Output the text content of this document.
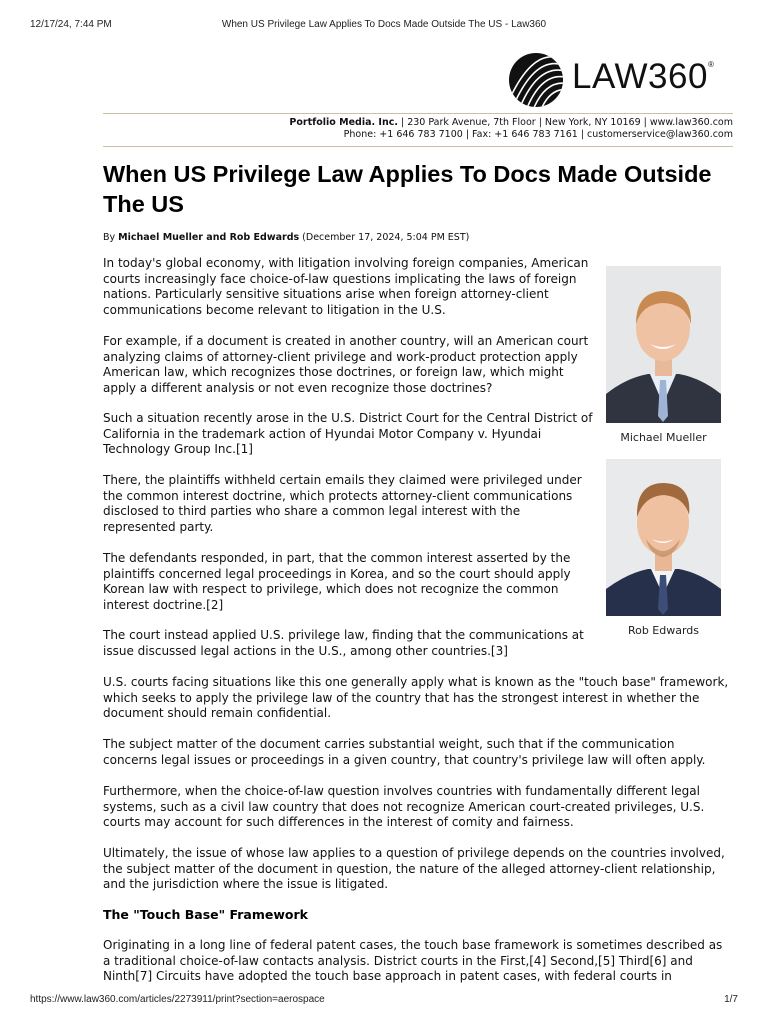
12/17/24, 7:44 PM	When US Privilege Law Applies To Docs Made Outside The US - Law360
LAW360®
Portfolio Media. Inc. | 230 Park Avenue, 7th Floor | New York, NY 10169 | www.law360.com
Phone: +1 646 783 7100 | Fax: +1 646 783 7161 | customerservice@law360.com
When US Privilege Law Applies To Docs Made Outside The US
By Michael Mueller and Rob Edwards (December 17, 2024, 5:04 PM EST)

In today's global economy, with litigation involving foreign companies, American courts increasingly face choice-of-law questions implicating the laws of foreign nations. Particularly sensitive situations arise when foreign attorney-client communications become relevant to litigation in the U.S.

For example, if a document is created in another country, will an American court analyzing claims of attorney-client privilege and work-product protection apply American law, which recognizes those doctrines, or foreign law, which might apply a different analysis or not even recognize those doctrines?

Such a situation recently arose in the U.S. District Court for the Central District of California in the trademark action of Hyundai Motor Company v. Hyundai Technology Group Inc.[1]

There, the plaintiffs withheld certain emails they claimed were privileged under the common interest doctrine, which protects attorney-client communications disclosed to third parties who share a common legal interest with the represented party.

The defendants responded, in part, that the common interest asserted by the plaintiffs concerned legal proceedings in Korea, and so the court should apply Korean law with respect to privilege, which does not recognize the common interest doctrine.[2]

The court instead applied U.S. privilege law, finding that the communications at issue discussed legal actions in the U.S., among other countries.[3]

U.S. courts facing situations like this one generally apply what is known as the "touch base" framework, which seeks to apply the privilege law of the country that has the strongest interest in whether the document should remain confidential.

The subject matter of the document carries substantial weight, such that if the communication concerns legal issues or proceedings in a given country, that country's privilege law will often apply.

Furthermore, when the choice-of-law question involves countries with fundamentally different legal systems, such as a civil law country that does not recognize American court-created privileges, U.S. courts may account for such differences in the interest of comity and fairness.

Ultimately, the issue of whose law applies to a question of privilege depends on the countries involved, the subject matter of the document in question, the nature of the alleged attorney-client relationship, and the jurisdiction where the issue is litigated.

The "Touch Base" Framework

Originating in a long line of federal patent cases, the touch base framework is sometimes described as a traditional choice-of-law contacts analysis. District courts in the First,[4] Second,[5] Third[6] and Ninth[7] Circuits have adopted the touch base approach in patent cases, with federal courts in

Michael Mueller
Rob Edwards
https://www.law360.com/articles/2273911/print?section=aerospace	1/7
